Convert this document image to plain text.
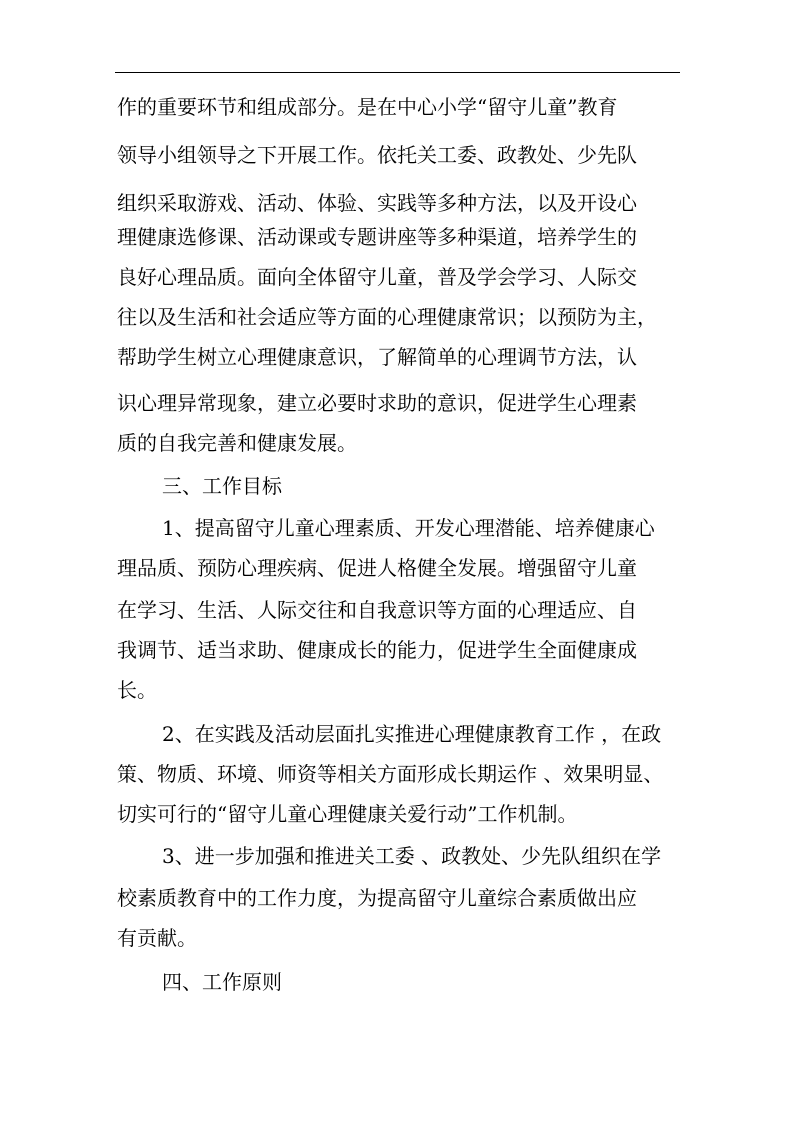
作的重要环节和组成部分。是在中心小学“留守儿童”教育
领导小组领导之下开展工作。依托关工委、政教处、少先队
组织采取游戏、活动、体验、实践等多种方法，以及开设心
理健康选修课、活动课或专题讲座等多种渠道，培养学生的
良好心理品质。面向全体留守儿童，普及学会学习、人际交
往以及生活和社会适应等方面的心理健康常识；以预防为主，
帮助学生树立心理健康意识，了解简单的心理调节方法，认
识心理异常现象，建立必要时求助的意识，促进学生心理素
质的自我完善和健康发展。
三、工作目标
1、提高留守儿童心理素质、开发心理潜能、培养健康心
理品质、预防心理疾病、促进人格健全发展。增强留守儿童
在学习、生活、人际交往和自我意识等方面的心理适应、自
我调节、适当求助、健康成长的能力，促进学生全面健康成
长。
2、在实践及活动层面扎实推进心理健康教育工作 ，在政
策、物质、环境、师资等相关方面形成长期运作 、效果明显、
切实可行的“留守儿童心理健康关爱行动”工作机制。
3、进一步加强和推进关工委 、政教处、少先队组织在学
校素质教育中的工作力度，为提高留守儿童综合素质做出应
有贡献。
四、工作原则
